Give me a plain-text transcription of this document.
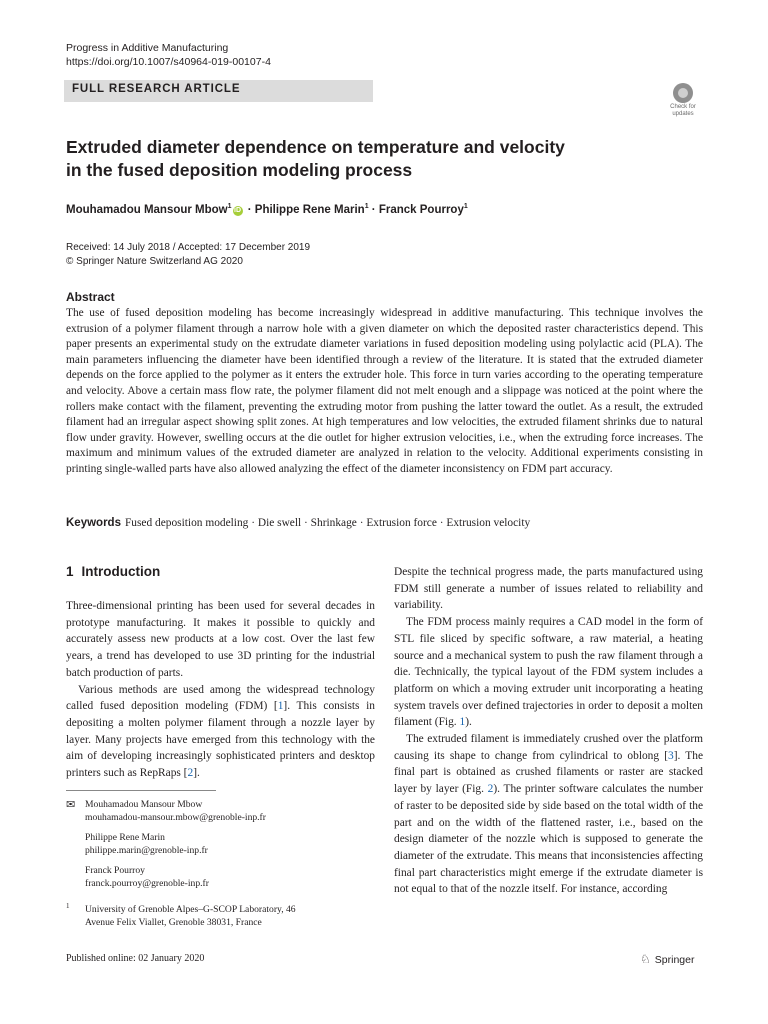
Progress in Additive Manufacturing
https://doi.org/10.1007/s40964-019-00107-4
FULL RESEARCH ARTICLE
Check for
updates
Extruded diameter dependence on temperature and velocity
in the fused deposition modeling process
Mouhamadou Mansour Mbow$^1$iD · Philippe Rene Marin$^1$ · Franck Pourroy$^1$
Received: 14 July 2018 / Accepted: 17 December 2019
© Springer Nature Switzerland AG 2020
Abstract
The use of fused deposition modeling has become increasingly widespread in additive manufacturing. This technique involves the extrusion of a polymer filament through a narrow hole with a given diameter on which the deposited raster characteristics depend. This paper presents an experimental study on the extrudate diameter variations in fused deposition modeling using polylactic acid (PLA). The main parameters influencing the diameter have been identified through a review of the literature. It is stated that the extruded diameter depends on the force applied to the polymer as it enters the extruder hole. This force in turn varies according to the operating temperature and velocity. Above a certain mass flow rate, the polymer filament did not melt enough and a slippage was noticed at the point where the rollers make contact with the filament, preventing the extruding motor from pushing the latter toward the outlet. As a result, the extruded filament had an irregular aspect showing split zones. At high temperatures and low velocities, the extruded filament shrinks due to natural flow under gravity. However, swelling occurs at the die outlet for higher extrusion velocities, i.e., when the extruding force increases. The maximum and minimum values of the extruded diameter are analyzed in relation to the velocity. Additional experiments consisting in printing single-walled parts have also allowed analyzing the effect of the diameter inconsistency on FDM part accuracy.
Keywords Fused deposition modeling · Die swell · Shrinkage · Extrusion force · Extrusion velocity
1 Introduction

Three-dimensional printing has been used for several decades in prototype manufacturing. It makes it possible to quickly and accurately assess new products at a low cost. Over the last few years, a trend has developed to use 3D printing for the industrial batch production of parts.

Various methods are used among the widespread technology called fused deposition modeling (FDM) [1]. This consists in depositing a molten polymer filament through a nozzle layer by layer. Many projects have emerged from this technology with the aim of developing increasingly sophisticated printers and desktop printers such as RepRaps [2].

Despite the technical progress made, the parts manufactured using FDM still generate a number of issues related to reliability and variability.

The FDM process mainly requires a CAD model in the form of STL file sliced by specific software, a raw material, a heating source and a mechanical system to push the raw filament through a die. Technically, the typical layout of the FDM system includes a platform on which a moving extruder unit incorporating a heating system travels over defined trajectories in order to deposit a molten filament (Fig. 1).

The extruded filament is immediately crushed over the platform causing its shape to change from cylindrical to oblong [3]. The final part is obtained as crushed filaments or raster are stacked layer by layer (Fig. 2). The printer software calculates the number of raster to be deposited side by side based on the total width of the part and on the width of the flattened raster, i.e., based on the design diameter of the nozzle which is supposed to generate the diameter of the extrudate. This means that inconsistencies affecting final part characteristics might emerge if the extrudate diameter is not equal to that of the nozzle itself. For instance, according

✉ Mouhamadou Mansour Mbow
mouhamadou-mansour.mbow@grenoble-inp.fr
Philippe Rene Marin
philippe.marin@grenoble-inp.fr
Franck Pourroy
franck.pourroy@grenoble-inp.fr
1 University of Grenoble Alpes–G-SCOP Laboratory, 46
Avenue Felix Viallet, Grenoble 38031, France
Published online: 02 January 2020	♘ Springer
